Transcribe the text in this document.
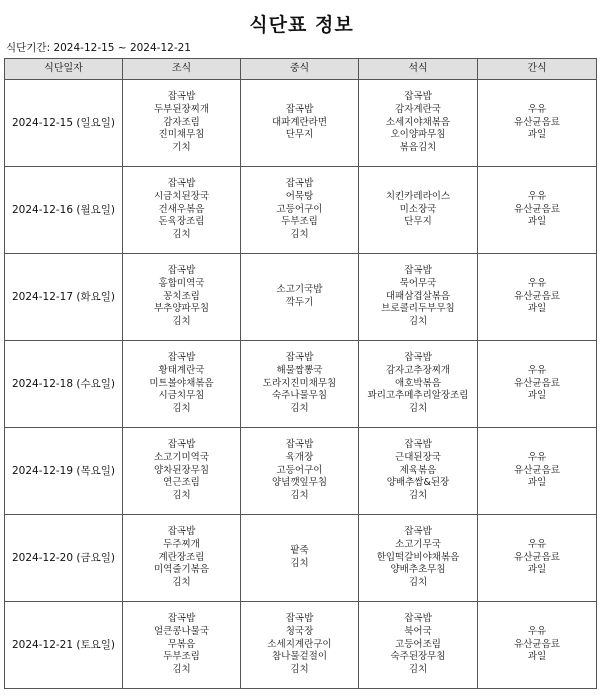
식단표 정보
식단기간: 2024-12-15 ~ 2024-12-21
식단일자	조식	중식	석식	간식
2024-12-15 (일요일)	잡곡밥
두부된장찌개
감자조림
진미채무침
기치	잡곡밥
대파계란라면
단무지	잡곡밥
감자계란국
소세지야채볶음
오이양파무침
볶음김치	우유
유산균음료
과일

2024-12-16 (월요일)	잡곡밥
시금치된장국
건새우볶음
돈육장조림
김치	잡곡밥
어묵탕
고등어구이
두부조림
김치	치킨카레라이스
미소장국
단무지	우유
유산균음료
과일

2024-12-17 (화요일)	잡곡밥
홍합미역국
꽁치조림
부추양파무침
김치	소고기국밥
깍두기	잡곡밥
묵어무국
대패삼겹살볶음
브로콜리두부무침
김치	우유
유산균음료
과일

2024-12-18 (수요일)	잡곡밥
황태계란국
미트볼야채볶음
시금치무침
김치	잡곡밥
해물짬뽕국
도라지진미채무침
숙주나물무침
김치	잡곡밥
감자고추장찌개
애호박볶음
꽈리고추메추리알장조림
김치	우유
유산균음료
과일

2024-12-19 (목요일)	잡곡밥
소고기미역국
양차된장무침
연근조림
김치	잡곡밥
육개장
고등어구이
양념깻잎무침
김치	잡곡밥
근대된장국
제육볶음
양배추쌈&된장
김치	우유
유산균음료
과일

2024-12-20 (금요일)	잡곡밥
두주찌개
계란장조림
미역줄기볶음
김치	팥죽
김치	잡곡밥
소고기무국
한입떡갈비야채볶음
양배추초무침
김치	우유
유산균음료
과일

2024-12-21 (토요일)	잡곡밥
얼큰콩나물국
무볶음
두부조림
김치	잡곡밥
청국장
소세지계란구이
참나물겉절이
김치	잡곡밥
북어국
고등어조림
숙주된장무침
김치	우유
유산균음료
과일
